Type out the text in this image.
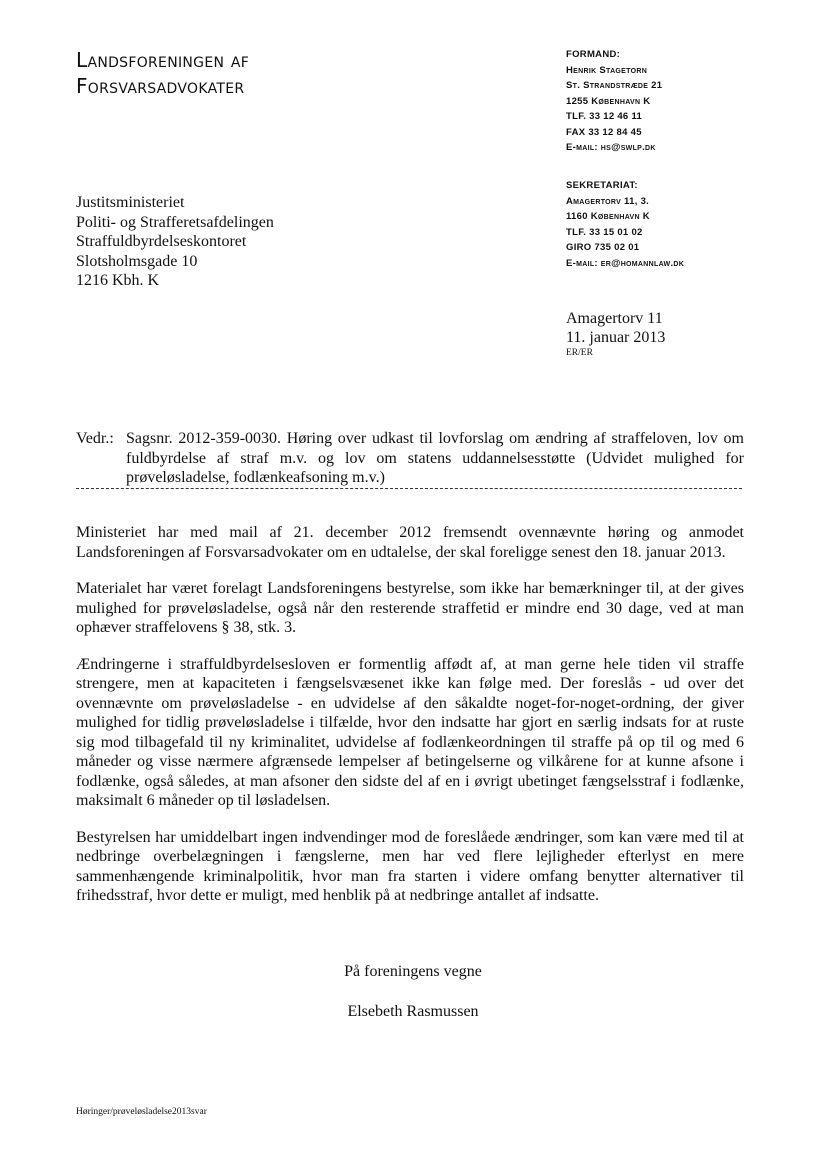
Landsforeningen af
Forsvarsadvokater
FORMAND:
Henrik Stagetorn
St. Strandstræde 21
1255 København K
TLF. 33 12 46 11
FAX 33 12 84 45
E-mail: hs@swlp.dk
SEKRETARIAT:
Amagertorv 11, 3.
1160 København K
TLF. 33 15 01 02
GIRO 735 02 01
E-mail: er@homannlaw.dk
Justitsministeriet
Politi- og Strafferetsafdelingen
Straffuldbyrdelseskontoret
Slotsholmsgade 10
1216 Kbh. K
Amagertorv 11
11. januar 2013
ER/ER
Vedr.: Sagsnr. 2012-359-0030. Høring over udkast til lovforslag om ændring af straffeloven, lov om fuldbyrdelse af straf m.v. og lov om statens uddannelsesstøtte (Udvidet mulighed for prøveløsladelse, fodlænkeafsoning m.v.)

Ministeriet har med mail af 21. december 2012 fremsendt ovennævnte høring og anmodet Landsforeningen af Forsvarsadvokater om en udtalelse, der skal foreligge senest den 18. januar 2013.

Materialet har været forelagt Landsforeningens bestyrelse, som ikke har bemærkninger til, at der gives mulighed for prøveløsladelse, også når den resterende straffetid er mindre end 30 dage, ved at man ophæver straffelovens § 38, stk. 3.

Ændringerne i straffuldbyrdelsesloven er formentlig affødt af, at man gerne hele tiden vil straffe strengere, men at kapaciteten i fængselsvæsenet ikke kan følge med. Der foreslås - ud over det ovennævnte om prøveløsladelse - en udvidelse af den såkaldte noget-for-noget-ordning, der giver mulighed for tidlig prøveløsladelse i tilfælde, hvor den indsatte har gjort en særlig indsats for at ruste sig mod tilbagefald til ny kriminalitet, udvidelse af fodlænkeordningen til straffe på op til og med 6 måneder og visse nærmere afgrænsede lempelser af betingelserne og vilkårene for at kunne afsone i fodlænke, også således, at man afsoner den sidste del af en i øvrigt ubetinget fængselsstraf i fodlænke, maksimalt 6 måneder op til løsladelsen.

Bestyrelsen har umiddelbart ingen indvendinger mod de foreslåede ændringer, som kan være med til at nedbringe overbelægningen i fængslerne, men har ved flere lejligheder efterlyst en mere sammenhængende kriminalpolitik, hvor man fra starten i videre omfang benytter alternativer til frihedsstraf, hvor dette er muligt, med henblik på at nedbringe antallet af indsatte.

På foreningens vegne
Elsebeth Rasmussen
Høringer/prøveløsladelse2013svar
